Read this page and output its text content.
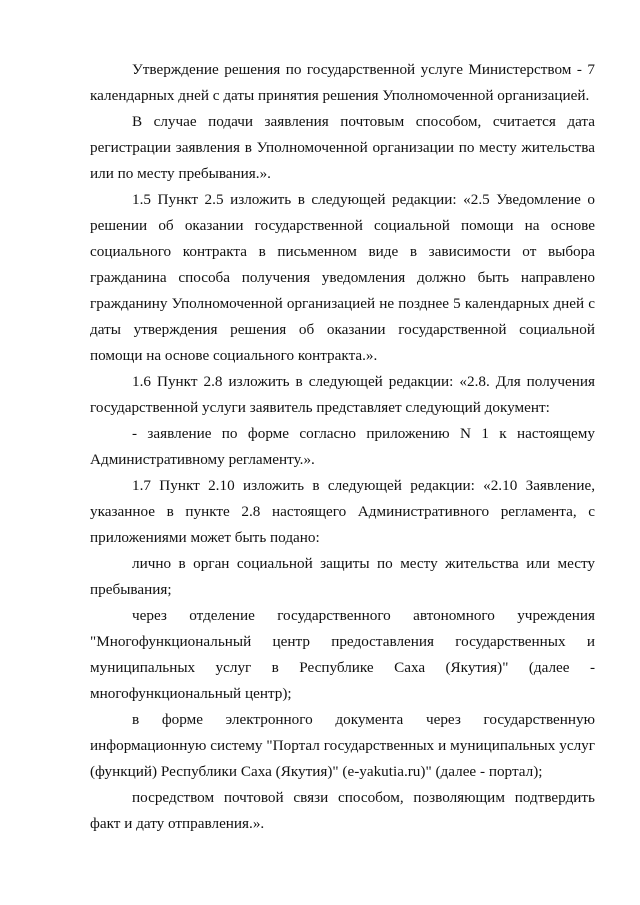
Утверждение решения по государственной услуге Министерством - 7 календарных дней с даты принятия решения Уполномоченной организацией.

В случае подачи заявления почтовым способом, считается дата регистрации заявления в Уполномоченной организации по месту жительства или по месту пребывания.».

1.5 Пункт 2.5 изложить в следующей редакции: «2.5 Уведомление о решении об оказании государственной социальной помощи на основе социального контракта в письменном виде в зависимости от выбора гражданина способа получения уведомления должно быть направлено гражданину Уполномоченной организацией не позднее 5 календарных дней с даты утверждения решения об оказании государственной социальной помощи на основе социального контракта.».

1.6 Пункт 2.8 изложить в следующей редакции: «2.8. Для получения государственной услуги заявитель представляет следующий документ:

- заявление по форме согласно приложению N 1 к настоящему Административному регламенту.».

1.7 Пункт 2.10 изложить в следующей редакции: «2.10 Заявление, указанное в пункте 2.8 настоящего Административного регламента, с приложениями может быть подано:

лично в орган социальной защиты по месту жительства или месту пребывания;

через отделение государственного автономного учреждения "Многофункциональный центр предоставления государственных и муниципальных услуг в Республике Саха (Якутия)" (далее - многофункциональный центр);

в форме электронного документа через государственную информационную систему "Портал государственных и муниципальных услуг (функций) Республики Саха (Якутия)" (e-yakutia.ru)" (далее - портал);

посредством почтовой связи способом, позволяющим подтвердить факт и дату отправления.».
